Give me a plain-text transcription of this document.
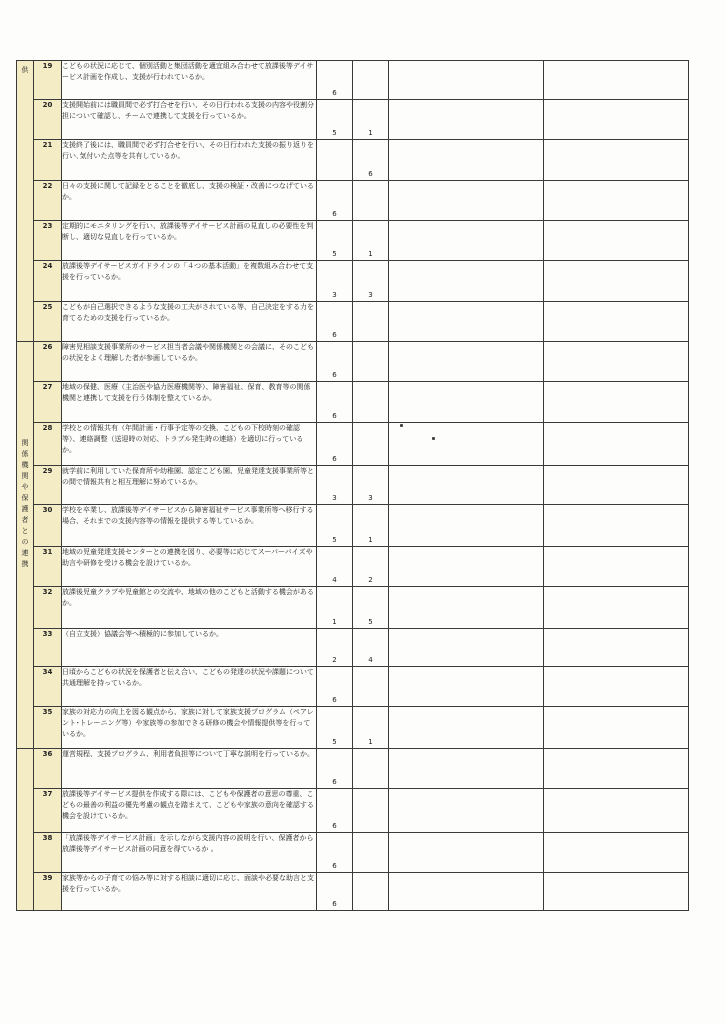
供	19	こどもの状況に応じて、個別活動と集団活動を適宜組み合わせて放課後等デイサービス計画を作成し、支援が行われているか。	6			

	20	支援開始前には職員間で必ず打合せを行い、その日行われる支援の内容や役割分担について確認し、チームで連携して支援を行っているか。	5	1		

	21	支援終了後には、職員間で必ず打合せを行い、その日行われた支援の振り返りを行い､気付いた点等を共有しているか。		6		

	22	日々の支援に関して記録をとることを徹底し、支援の検証・改善につなげているか。	6			

	23	定期的にモニタリングを行い、放課後等デイサービス計画の見直しの必要性を判断し、適切な見直しを行っているか。	5	1		

	24	放課後等デイサービスガイドラインの「４つの基本活動」を複数組み合わせて支援を行っているか。	3	3		

	25	こどもが自己選択できるような支援の工夫がされている等、自己決定をする力を育てるための支援を行っているか。	6			

関係機関や保護者との連携	26	障害児相談支援事業所のサービス担当者会議や関係機関との会議に、そのこどもの状況をよく理解した者が参画しているか。	6			

	27	地域の保健、医療（主治医や協力医療機関等）、障害福祉、保育、教育等の関係機関と連携して支援を行う体制を整えているか。	6			

	28	学校との情報共有（年間計画・行事予定等の交換、こどもの下校時刻の確認等）、連絡調整（送迎時の対応、トラブル発生時の連絡）を適切に行っているか。	6			

	29	就学前に利用していた保育所や幼稚園、認定こども園、児童発達支援事業所等との間で情報共有と相互理解に努めているか。	3	3		

	30	学校を卒業し、放課後等デイサービスから障害福祉サービス事業所等へ移行する場合、それまでの支援内容等の情報を提供する等しているか。	5	1		

	31	地域の児童発達支援センターとの連携を図り、必要等に応じてスーパーバイズや助言や研修を受ける機会を設けているか。	4	2		

	32	放課後児童クラブや児童館との交流や、地域の他のこどもと活動する機会があるか。	1	5		

	33	（自立支援）協議会等へ積極的に参加しているか。	2	4		

	34	日頃からこどもの状況を保護者と伝え合い、こどもの発達の状況や課題について共通理解を持っているか。	6			

	35	家族の対応力の向上を図る観点から、家族に対して家族支援プログラム（ペアレント･トレーニング等）や家族等の参加できる研修の機会や情報提供等を行っているか。	5	1		

	36	運営規程、支援プログラム、利用者負担等について丁寧な説明を行っているか。	6			

	37	放課後等デイサービス提供を作成する際には、こどもや保護者の意思の尊重、こどもの最善の利益の優先考慮の観点を踏まえて、こどもや家族の意向を確認する機会を設けているか。	6			

	38	「放課後等デイサービス計画」を示しながら支援内容の説明を行い、保護者から放課後等デイサービス計画の同意を得ているか 。	6			

	39	家族等からの子育ての悩み等に対する相談に適切に応じ、面談や必要な助言と支援を行っているか。	6			
